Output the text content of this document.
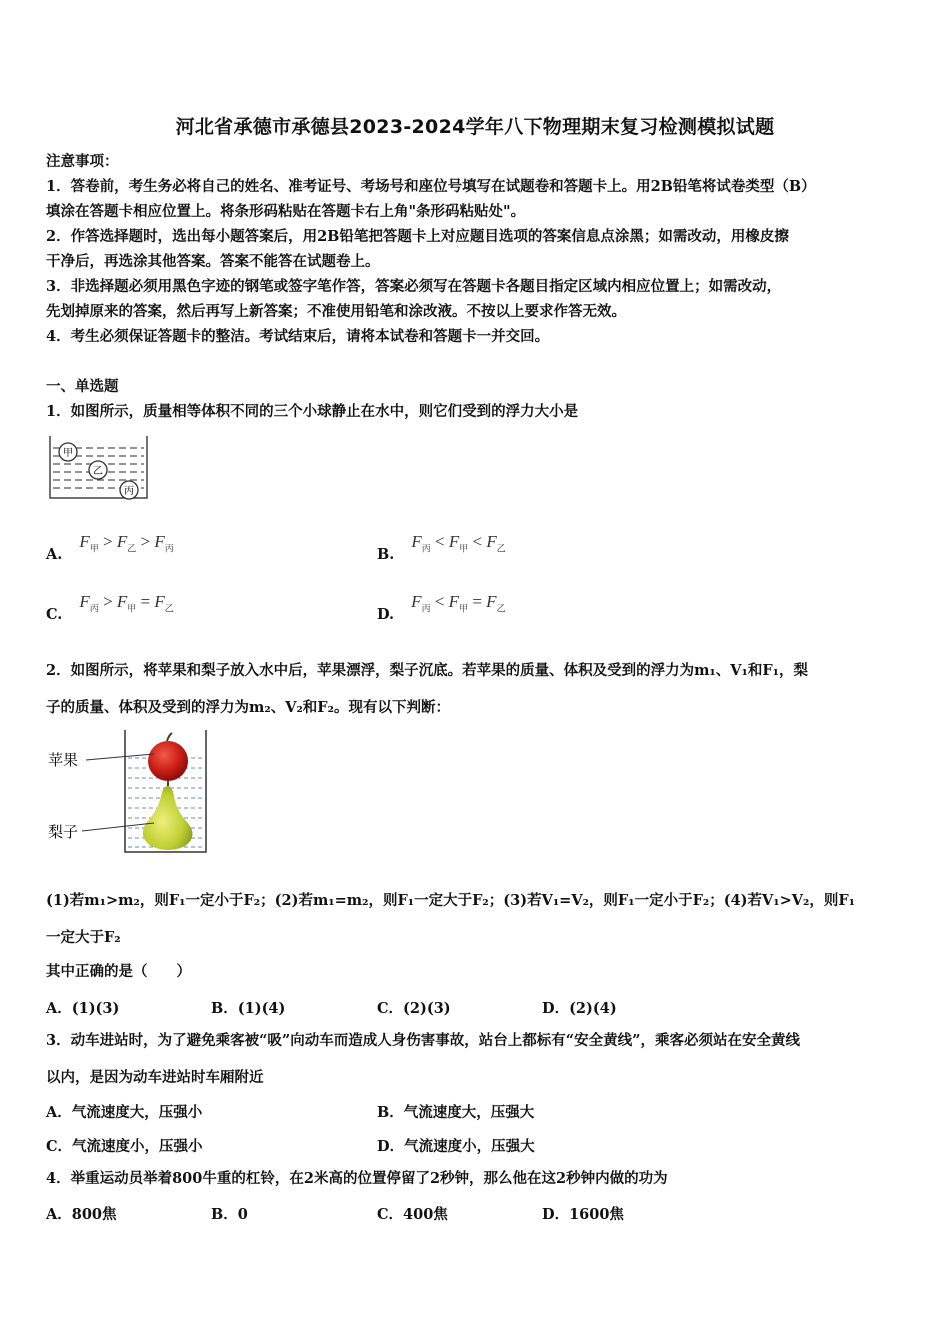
河北省承德市承德县2023-2024学年八下物理期末复习检测模拟试题
注意事项：
1．答卷前，考生务必将自己的姓名、准考证号、考场号和座位号填写在试题卷和答题卡上。用2B铅笔将试卷类型（B）
填涂在答题卡相应位置上。将条形码粘贴在答题卡右上角"条形码粘贴处"。
2．作答选择题时，选出每小题答案后，用2B铅笔把答题卡上对应题目选项的答案信息点涂黑；如需改动，用橡皮擦
干净后，再选涂其他答案。答案不能答在试题卷上。
3．非选择题必须用黑色字迹的钢笔或签字笔作答，答案必须写在答题卡各题目指定区域内相应位置上；如需改动，
先划掉原来的答案，然后再写上新答案；不准使用铅笔和涂改液。不按以上要求作答无效。
4．考生必须保证答题卡的整洁。考试结束后，请将本试卷和答题卡一并交回。
一、单选题
1．如图所示，质量相等体积不同的三个小球静止在水中，则它们受到的浮力大小是
甲
乙
丙
A. $F_甲 > F_乙 > F_丙$	B. $F_丙 < F_甲 < F_乙$
C. $F_丙 > F_甲 = F_乙$	D. $F_丙 < F_甲 = F_乙$
2．如图所示，将苹果和梨子放入水中后，苹果漂浮，梨子沉底。若苹果的质量、体积及受到的浮力为m₁、V₁和F₁，梨
子的质量、体积及受到的浮力为m₂、V₂和F₂。现有以下判断：
苹果
梨子
(1)若m₁>m₂，则F₁一定小于F₂；(2)若m₁=m₂，则F₁一定大于F₂；(3)若V₁=V₂，则F₁一定小于F₂；(4)若V₁>V₂，则F₁
一定大于F₂
其中正确的是（　　）
A．(1)(3)	B．(1)(4)	C．(2)(3)	D．(2)(4)
3．动车进站时，为了避免乘客被“吸”向动车而造成人身伤害事故，站台上都标有“安全黄线”，乘客必须站在安全黄线
以内，是因为动车进站时车厢附近
A．气流速度大，压强小	B．气流速度大，压强大
C．气流速度小，压强小	D．气流速度小，压强大
4．举重运动员举着800牛重的杠铃，在2米高的位置停留了2秒钟，那么他在这2秒钟内做的功为
A．800焦	B．0	C．400焦	D．1600焦
